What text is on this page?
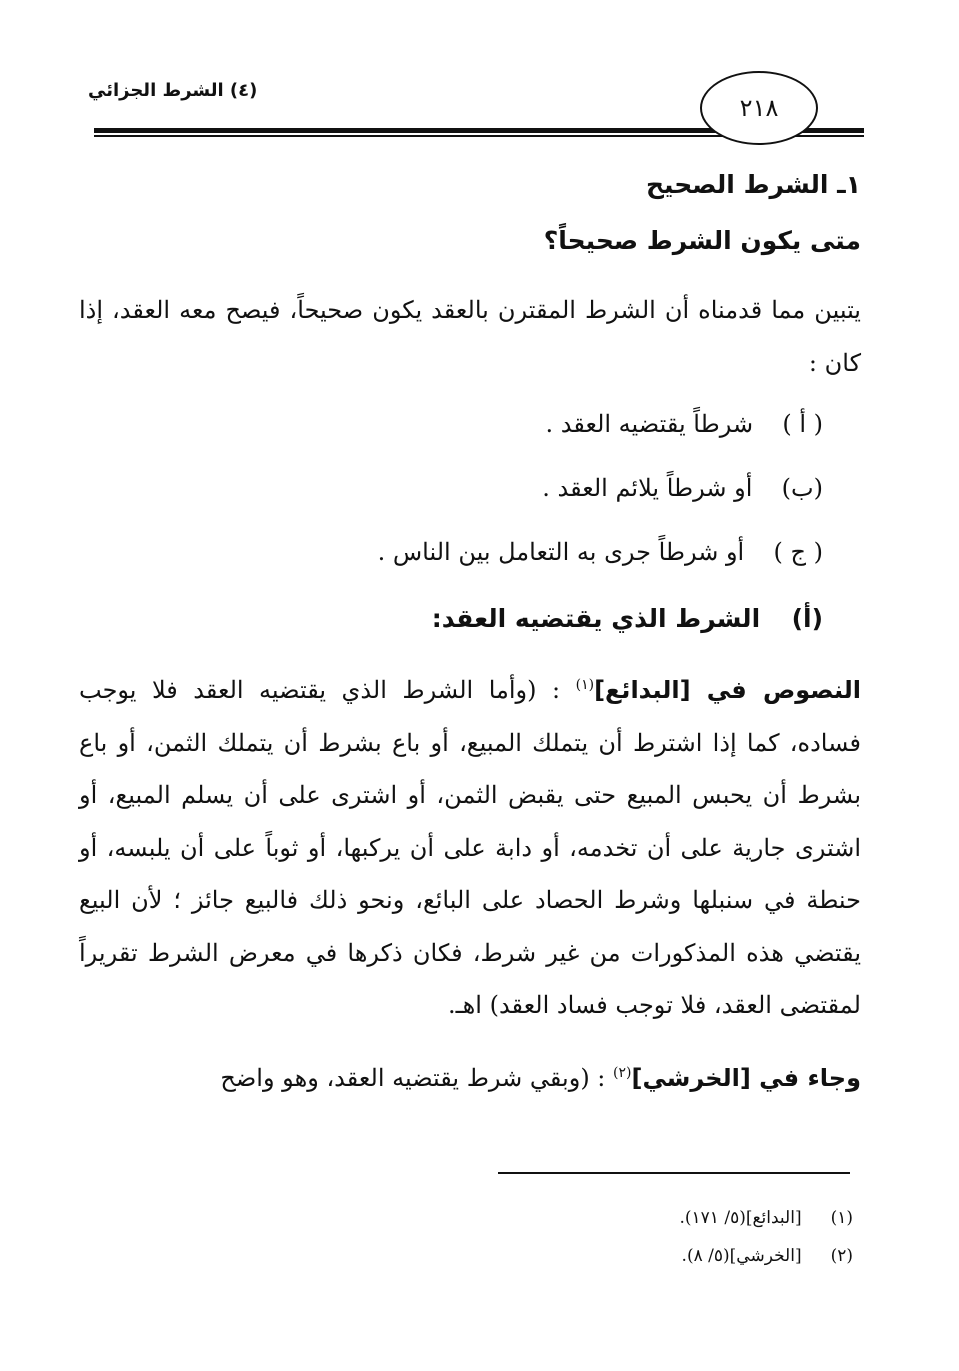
٢١٨
(٤) الشرط الجزائي
١ـ الشرط الصحيح
متى يكون الشرط صحيحاً؟
يتبين مما قدمناه أن الشرط المقترن بالعقد يكون صحيحاً، فيصح معه العقد، إذا كان :
( أ )  شرطاً يقتضيه العقد .
(ب)  أو شرطاً يلائم العقد .
( ج )  أو شرطاً جرى به التعامل بين الناس .
(أ)  الشرط الذي يقتضيه العقد:
النصوص في [البدائع]$^{(١)}$ : (وأما الشرط الذي يقتضيه العقد فلا يوجب فساده، كما إذا اشترط أن يتملك المبيع، أو باع بشرط أن يتملك الثمن، أو باع بشرط أن يحبس المبيع حتى يقبض الثمن، أو اشترى على أن يسلم المبيع، أو اشترى جارية على أن تخدمه، أو دابة على أن يركبها، أو ثوباً على أن يلبسه، أو حنطة في سنبلها وشرط الحصاد على البائع، ونحو ذلك فالبيع جائز ؛ لأن البيع يقتضي هذه المذكورات من غير شرط، فكان ذكرها في معرض الشرط تقريراً لمقتضى العقد، فلا توجب فساد العقد) اهـ.
وجاء في [الخرشي]$^{(٢)}$ : (وبقي شرط يقتضيه العقد، وهو واضح
(١) [البدائع](٥/ ١٧١).
(٢) [الخرشي](٥/ ٨).
